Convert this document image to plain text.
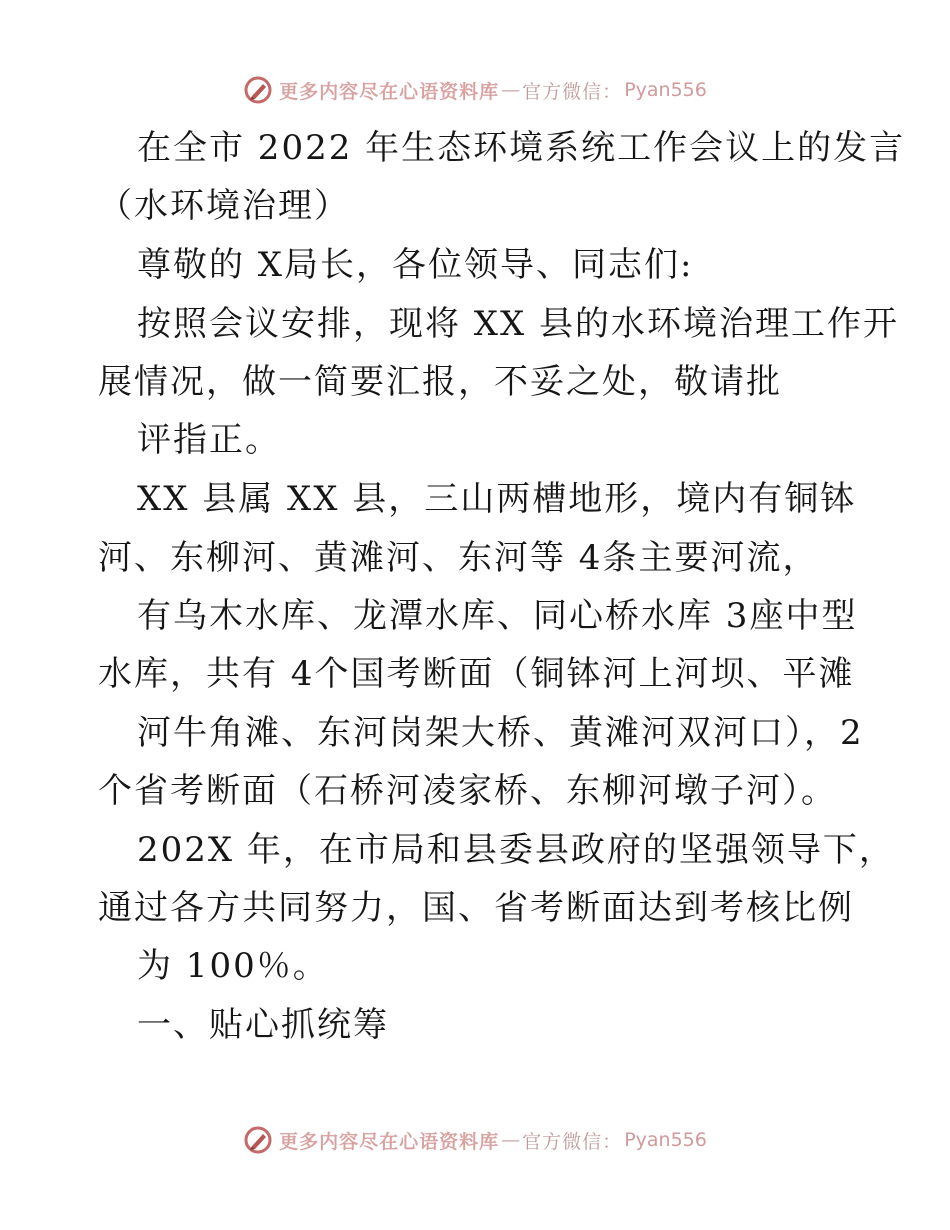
更多内容尽在心语资料库 — 官方微信： Pyan556
在全市 2022 年生态环境系统工作会议上的发言
（水环境治理）
尊敬的 X局长，各位领导、同志们:
按照会议安排，现将 XX 县的水环境治理工作开
展情况，做一简要汇报，不妥之处，敬请批
评指正。
XX 县属 XX 县，三山两槽地形，境内有铜钵
河、东柳河、黄滩河、东河等 4条主要河流，
有乌木水库、龙潭水库、同心桥水库 3座中型
水库，共有 4个国考断面（铜钵河上河坝、平滩
河牛角滩、东河岗架大桥、黄滩河双河口），2
个省考断面（石桥河凌家桥、东柳河墩子河）。
202X 年，在市局和县委县政府的坚强领导下，
通过各方共同努力，国、省考断面达到考核比例
为 100％。
一、贴心抓统筹
更多内容尽在心语资料库 — 官方微信： Pyan556
